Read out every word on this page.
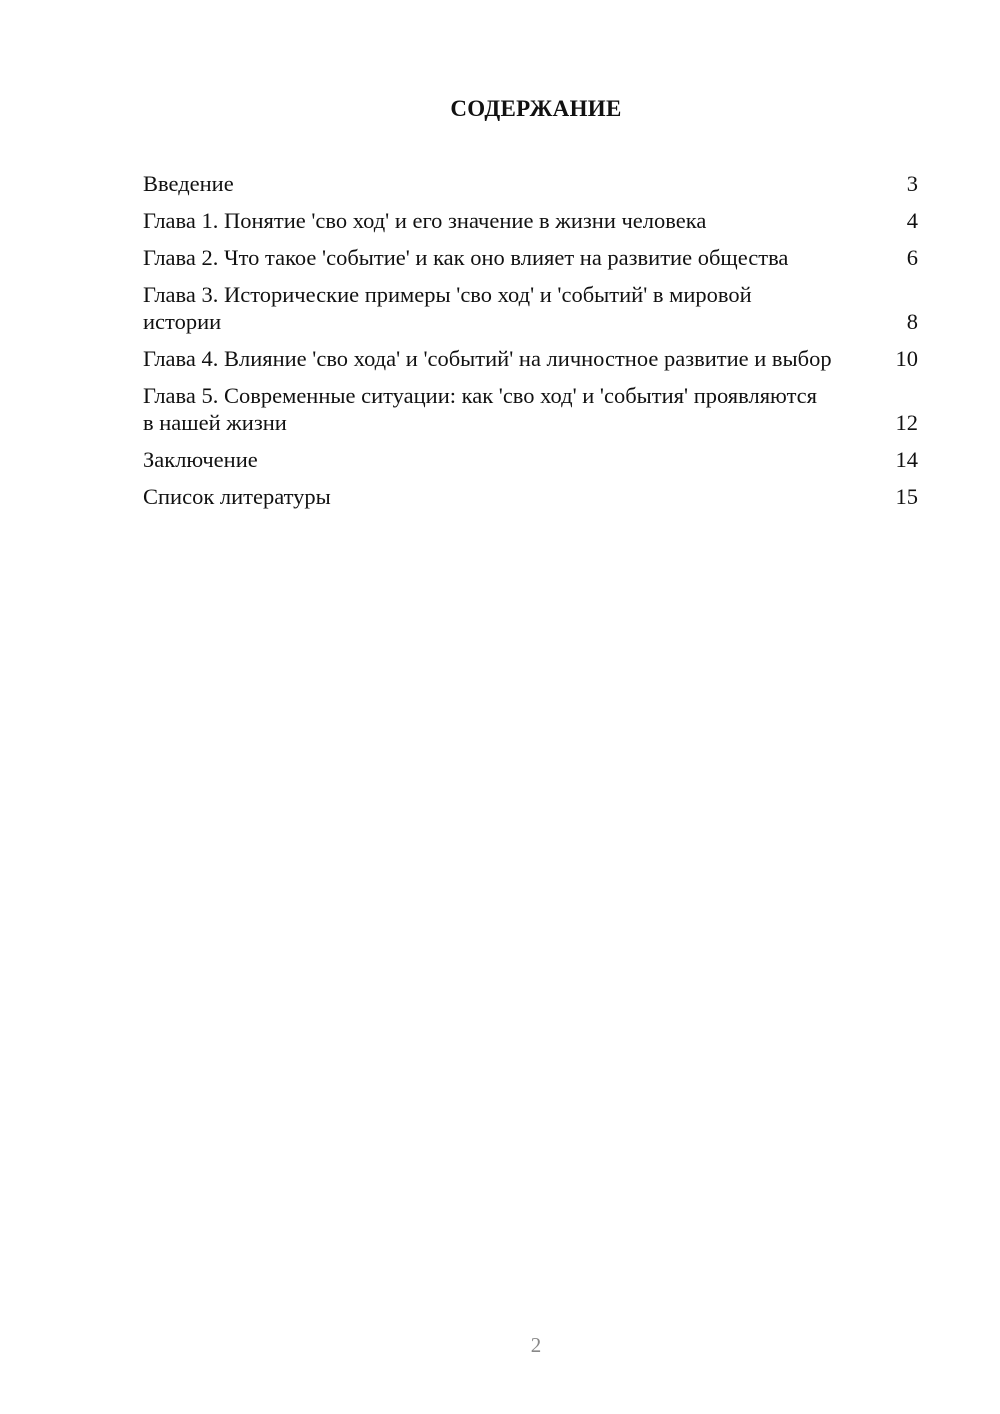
СОДЕРЖАНИЕ
Введение	3
Глава 1. Понятие 'сво ход' и его значение в жизни человека	4
Глава 2. Что такое 'событие' и как оно влияет на развитие общества	6
Глава 3. Исторические примеры 'сво ход' и 'событий' в мировой истории	8
Глава 4. Влияние 'сво хода' и 'событий' на личностное развитие и выбор	10
Глава 5. Современные ситуации: как 'сво ход' и 'события' проявляются в нашей жизни	12
Заключение	14
Список литературы	15
2
